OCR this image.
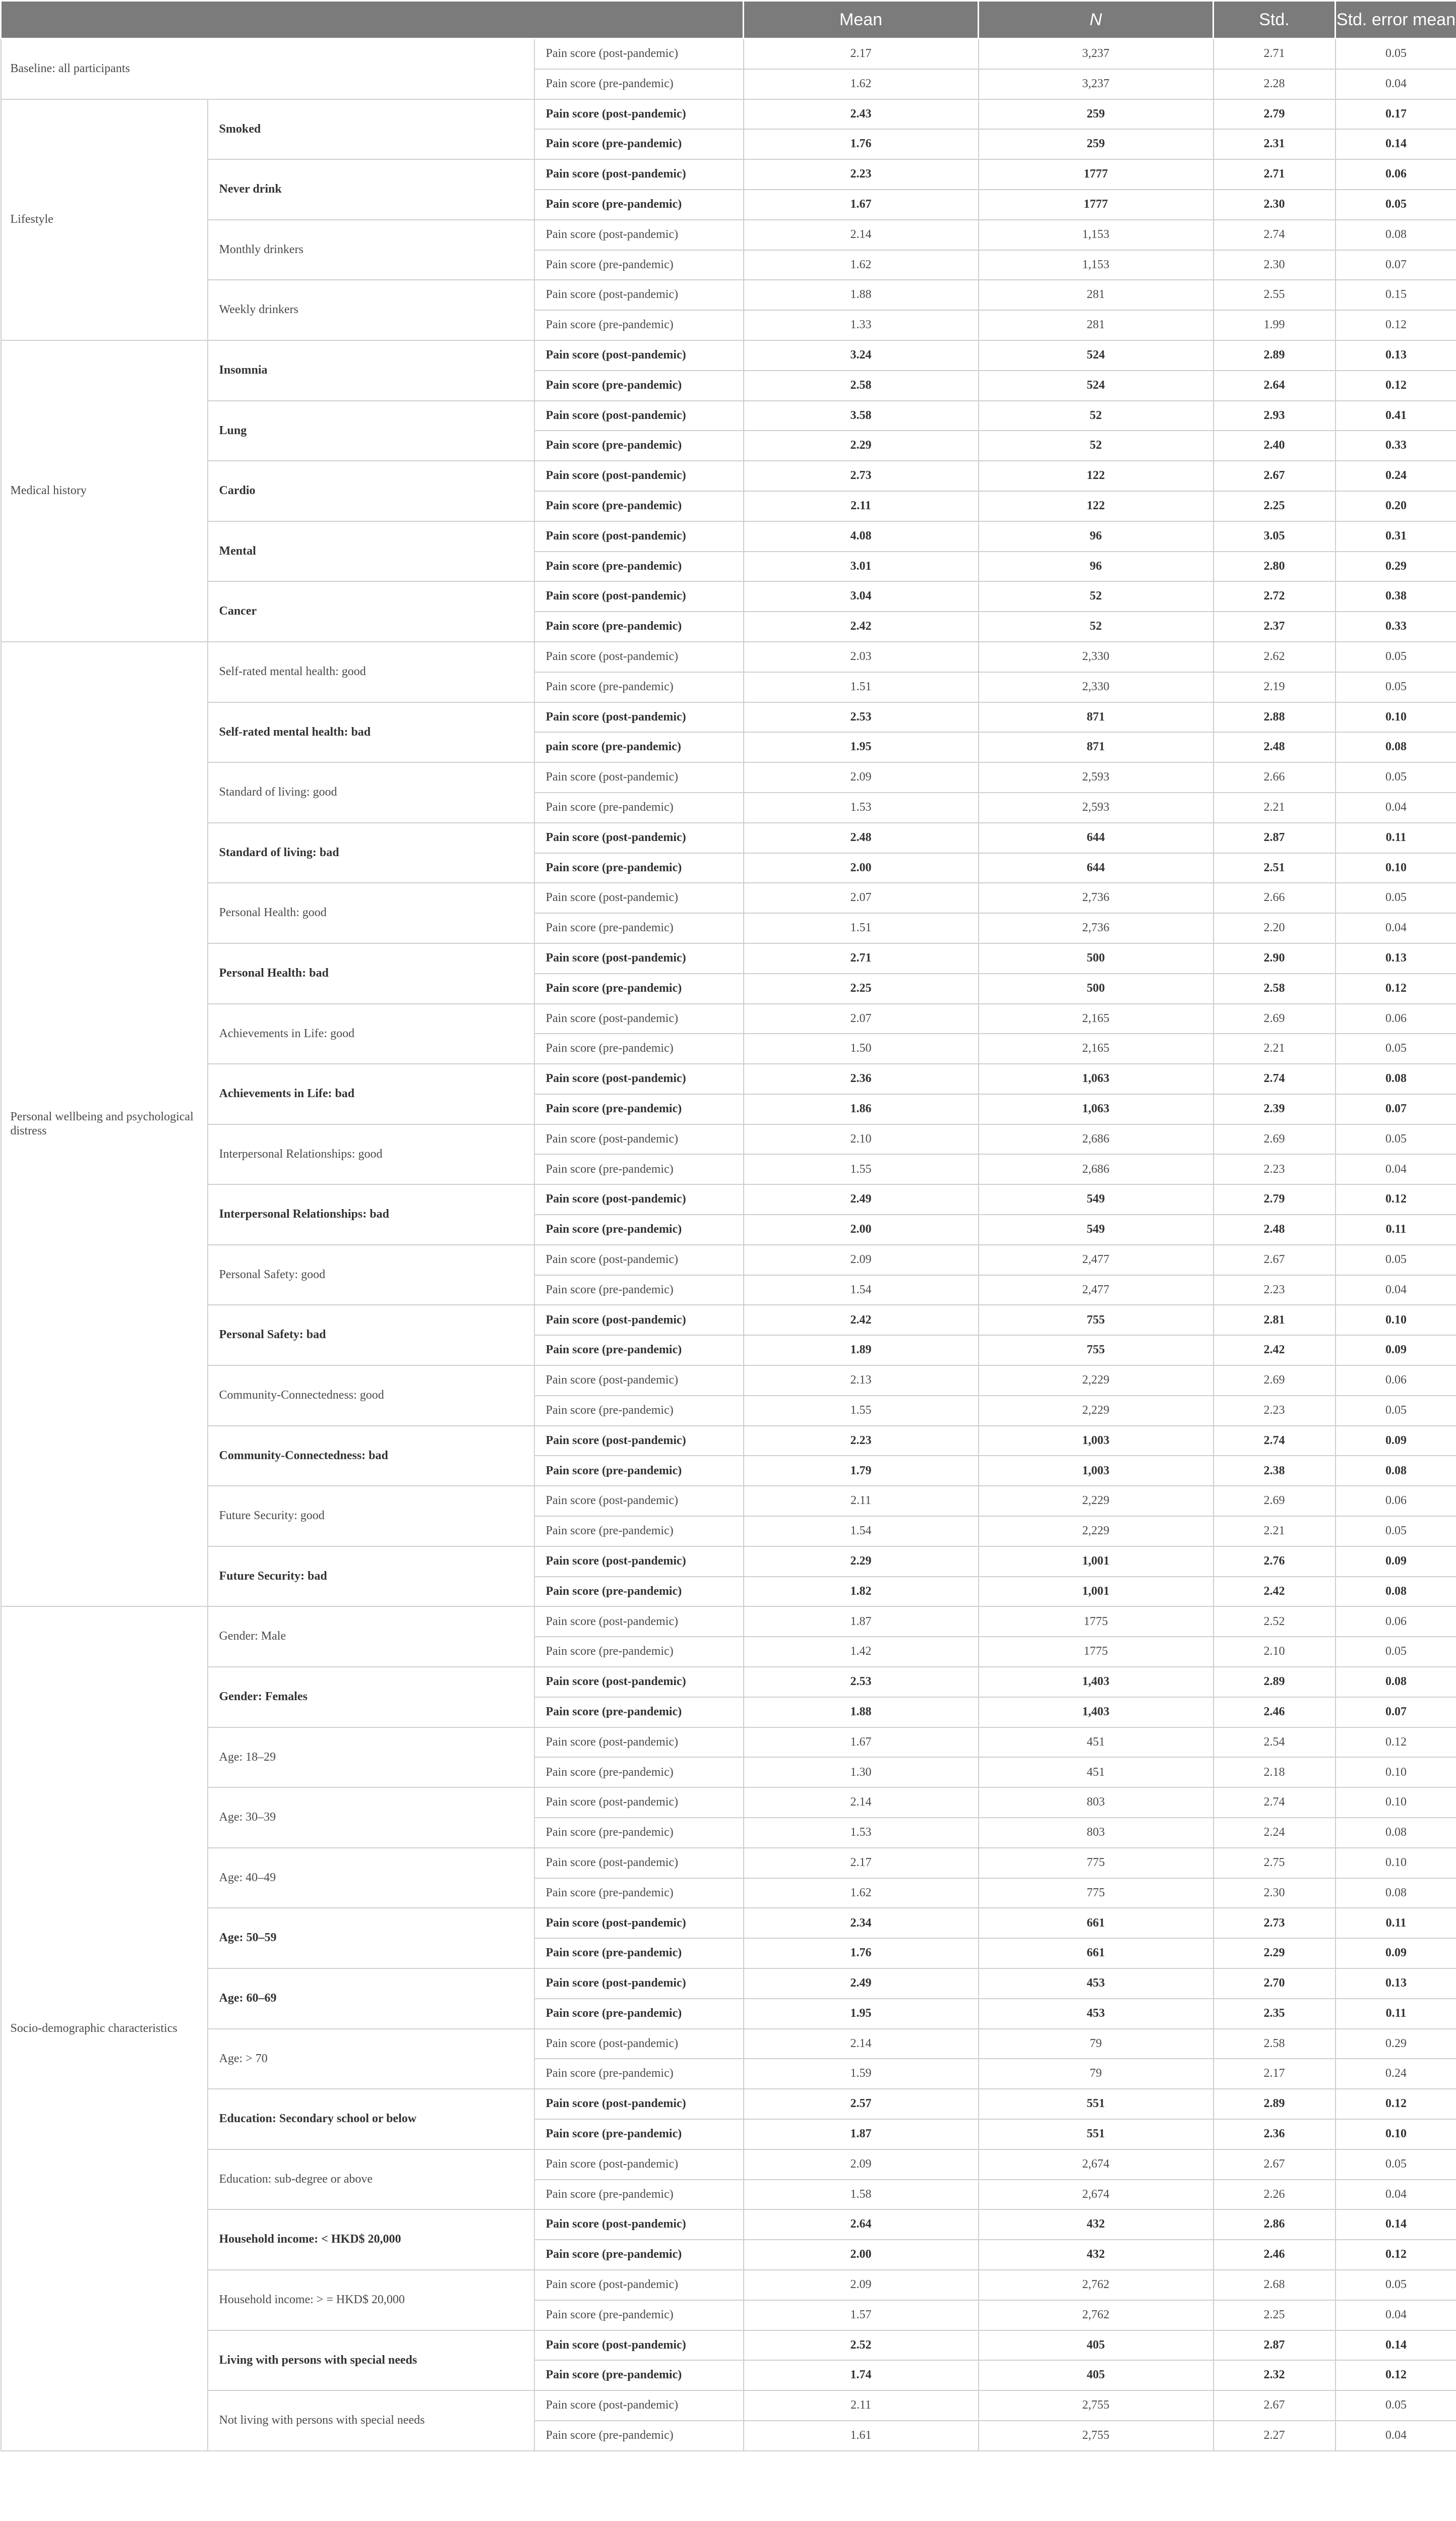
			Mean	N	Std.	Std. error mean
Baseline: all participants		Pain score (post-pandemic)	2.17	3,237	2.71	0.05
		Pain score (pre-pandemic)	1.62	3,237	2.28	0.04
Lifestyle	Smoked	Pain score (post-pandemic)	2.43	259	2.79	0.17
		Pain score (pre-pandemic)	1.76	259	2.31	0.14
	Never drink	Pain score (post-pandemic)	2.23	1777	2.71	0.06
		Pain score (pre-pandemic)	1.67	1777	2.30	0.05
	Monthly drinkers	Pain score (post-pandemic)	2.14	1,153	2.74	0.08
		Pain score (pre-pandemic)	1.62	1,153	2.30	0.07
	Weekly drinkers	Pain score (post-pandemic)	1.88	281	2.55	0.15
		Pain score (pre-pandemic)	1.33	281	1.99	0.12
Medical history	Insomnia	Pain score (post-pandemic)	3.24	524	2.89	0.13
		Pain score (pre-pandemic)	2.58	524	2.64	0.12
	Lung	Pain score (post-pandemic)	3.58	52	2.93	0.41
		Pain score (pre-pandemic)	2.29	52	2.40	0.33
	Cardio	Pain score (post-pandemic)	2.73	122	2.67	0.24
		Pain score (pre-pandemic)	2.11	122	2.25	0.20
	Mental	Pain score (post-pandemic)	4.08	96	3.05	0.31
		Pain score (pre-pandemic)	3.01	96	2.80	0.29
	Cancer	Pain score (post-pandemic)	3.04	52	2.72	0.38
		Pain score (pre-pandemic)	2.42	52	2.37	0.33
Personal wellbeing and psychological distress	Self-rated mental health: good	Pain score (post-pandemic)	2.03	2,330	2.62	0.05
		Pain score (pre-pandemic)	1.51	2,330	2.19	0.05
	Self-rated mental health: bad	Pain score (post-pandemic)	2.53	871	2.88	0.10
		pain score (pre-pandemic)	1.95	871	2.48	0.08
	Standard of living: good	Pain score (post-pandemic)	2.09	2,593	2.66	0.05
		Pain score (pre-pandemic)	1.53	2,593	2.21	0.04
	Standard of living: bad	Pain score (post-pandemic)	2.48	644	2.87	0.11
		Pain score (pre-pandemic)	2.00	644	2.51	0.10
	Personal Health: good	Pain score (post-pandemic)	2.07	2,736	2.66	0.05
		Pain score (pre-pandemic)	1.51	2,736	2.20	0.04
	Personal Health: bad	Pain score (post-pandemic)	2.71	500	2.90	0.13
		Pain score (pre-pandemic)	2.25	500	2.58	0.12
	Achievements in Life: good	Pain score (post-pandemic)	2.07	2,165	2.69	0.06
		Pain score (pre-pandemic)	1.50	2,165	2.21	0.05
	Achievements in Life: bad	Pain score (post-pandemic)	2.36	1,063	2.74	0.08
		Pain score (pre-pandemic)	1.86	1,063	2.39	0.07
	Interpersonal Relationships: good	Pain score (post-pandemic)	2.10	2,686	2.69	0.05
		Pain score (pre-pandemic)	1.55	2,686	2.23	0.04
	Interpersonal Relationships: bad	Pain score (post-pandemic)	2.49	549	2.79	0.12
		Pain score (pre-pandemic)	2.00	549	2.48	0.11
	Personal Safety: good	Pain score (post-pandemic)	2.09	2,477	2.67	0.05
		Pain score (pre-pandemic)	1.54	2,477	2.23	0.04
	Personal Safety: bad	Pain score (post-pandemic)	2.42	755	2.81	0.10
		Pain score (pre-pandemic)	1.89	755	2.42	0.09
	Community-Connectedness: good	Pain score (post-pandemic)	2.13	2,229	2.69	0.06
		Pain score (pre-pandemic)	1.55	2,229	2.23	0.05
	Community-Connectedness: bad	Pain score (post-pandemic)	2.23	1,003	2.74	0.09
		Pain score (pre-pandemic)	1.79	1,003	2.38	0.08
	Future Security: good	Pain score (post-pandemic)	2.11	2,229	2.69	0.06
		Pain score (pre-pandemic)	1.54	2,229	2.21	0.05
	Future Security: bad	Pain score (post-pandemic)	2.29	1,001	2.76	0.09
		Pain score (pre-pandemic)	1.82	1,001	2.42	0.08
Socio-demographic characteristics	Gender: Male	Pain score (post-pandemic)	1.87	1775	2.52	0.06
		Pain score (pre-pandemic)	1.42	1775	2.10	0.05
	Gender: Females	Pain score (post-pandemic)	2.53	1,403	2.89	0.08
		Pain score (pre-pandemic)	1.88	1,403	2.46	0.07
	Age: 18–29	Pain score (post-pandemic)	1.67	451	2.54	0.12
		Pain score (pre-pandemic)	1.30	451	2.18	0.10
	Age: 30–39	Pain score (post-pandemic)	2.14	803	2.74	0.10
		Pain score (pre-pandemic)	1.53	803	2.24	0.08
	Age: 40–49	Pain score (post-pandemic)	2.17	775	2.75	0.10
		Pain score (pre-pandemic)	1.62	775	2.30	0.08
	Age: 50–59	Pain score (post-pandemic)	2.34	661	2.73	0.11
		Pain score (pre-pandemic)	1.76	661	2.29	0.09
	Age: 60–69	Pain score (post-pandemic)	2.49	453	2.70	0.13
		Pain score (pre-pandemic)	1.95	453	2.35	0.11
	Age: > 70	Pain score (post-pandemic)	2.14	79	2.58	0.29
		Pain score (pre-pandemic)	1.59	79	2.17	0.24
	Education: Secondary school or below	Pain score (post-pandemic)	2.57	551	2.89	0.12
		Pain score (pre-pandemic)	1.87	551	2.36	0.10
	Education: sub-degree or above	Pain score (post-pandemic)	2.09	2,674	2.67	0.05
		Pain score (pre-pandemic)	1.58	2,674	2.26	0.04
	Household income: < HKD$ 20,000	Pain score (post-pandemic)	2.64	432	2.86	0.14
		Pain score (pre-pandemic)	2.00	432	2.46	0.12
	Household income: > = HKD$ 20,000	Pain score (post-pandemic)	2.09	2,762	2.68	0.05
		Pain score (pre-pandemic)	1.57	2,762	2.25	0.04
	Living with persons with special needs	Pain score (post-pandemic)	2.52	405	2.87	0.14
		Pain score (pre-pandemic)	1.74	405	2.32	0.12
	Not living with persons with special needs	Pain score (post-pandemic)	2.11	2,755	2.67	0.05
		Pain score (pre-pandemic)	1.61	2,755	2.27	0.04
